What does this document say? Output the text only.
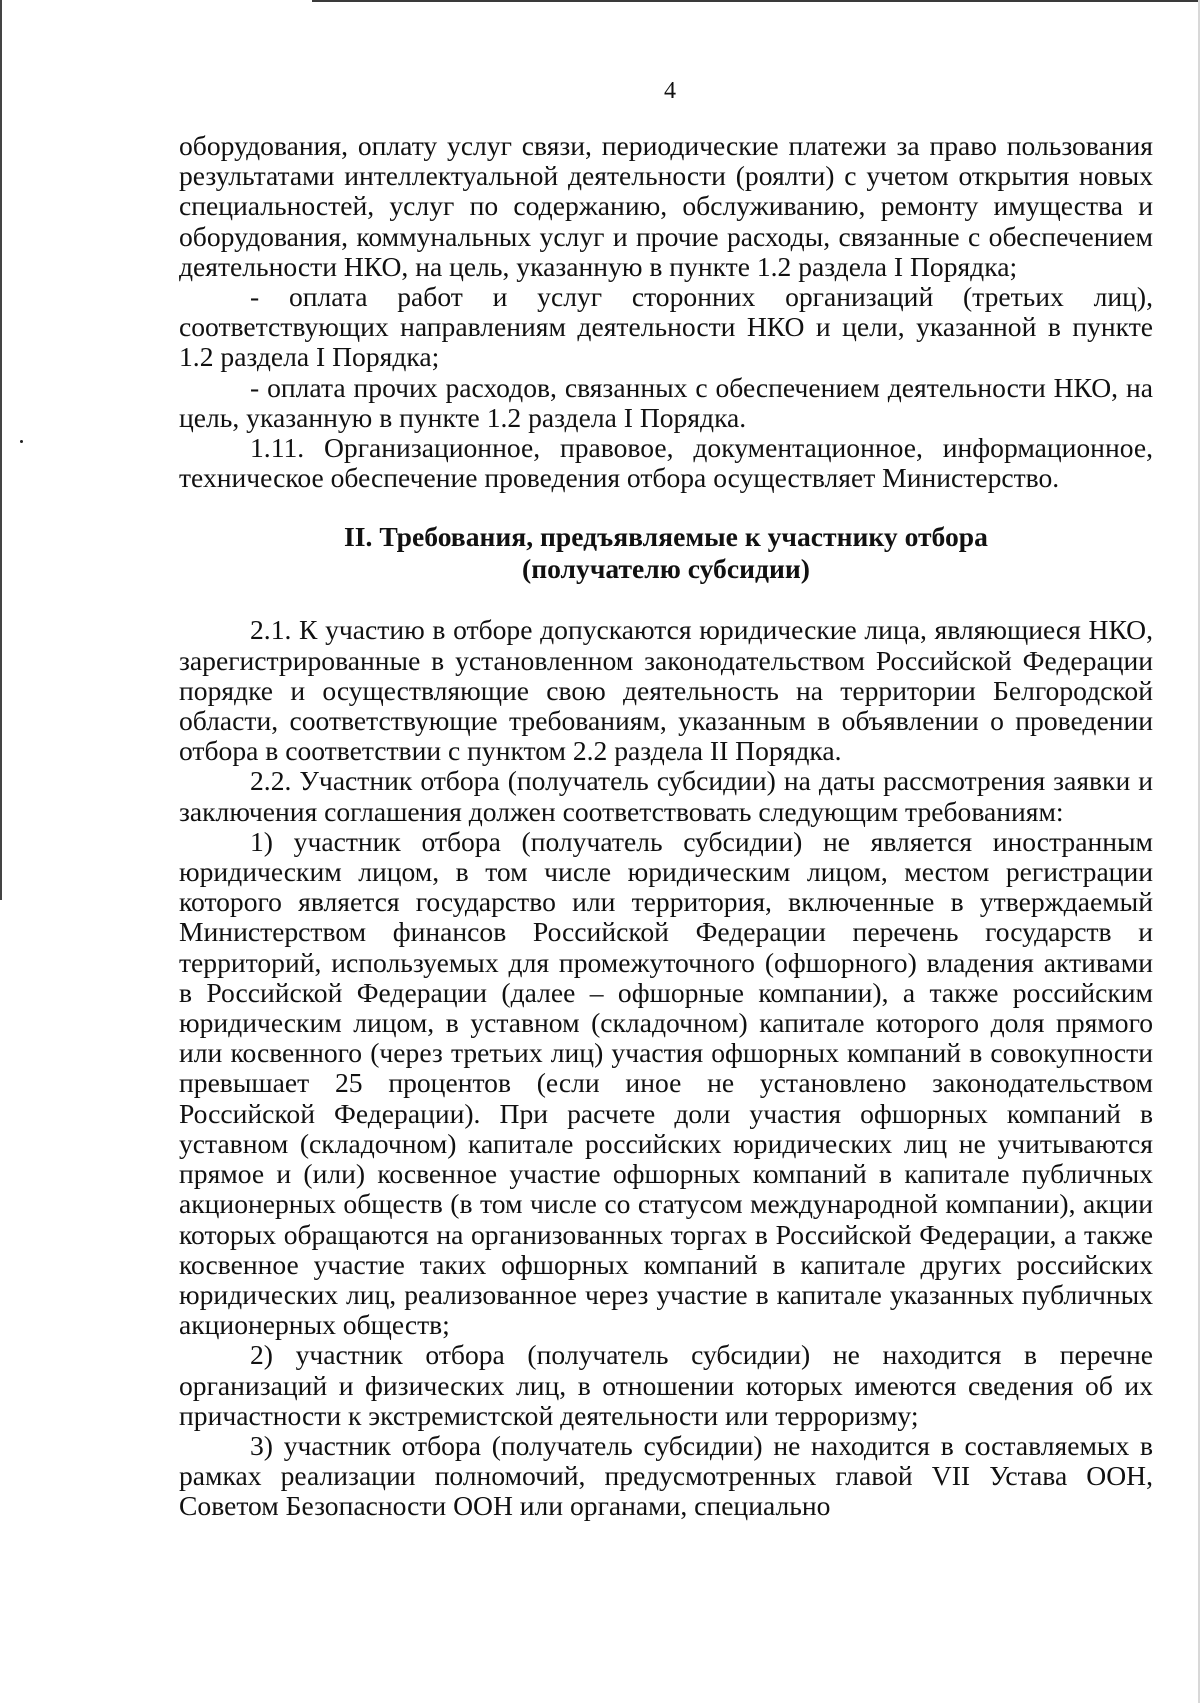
4

оборудования, оплату услуг связи, периодические платежи за право пользования результатами интеллектуальной деятельности (роялти) с учетом открытия новых специальностей, услуг по содержанию, обслуживанию, ремонту имущества и оборудования, коммунальных услуг и прочие расходы, связанные с обеспечением деятельности НКО, на цель, указанную в пункте 1.2 раздела I Порядка;

- оплата работ и услуг сторонних организаций (третьих лиц), соответствующих направлениям деятельности НКО и цели, указанной в пункте 1.2 раздела I Порядка;

- оплата прочих расходов, связанных с обеспечением деятельности НКО, на цель, указанную в пункте 1.2 раздела I Порядка.

1.11. Организационное, правовое, документационное, информационное, техническое обеспечение проведения отбора осуществляет Министерство.

II. Требования, предъявляемые к участнику отбора
(получателю субсидии)

2.1. К участию в отборе допускаются юридические лица, являющиеся НКО, зарегистрированные в установленном законодательством Российской Федерации порядке и осуществляющие свою деятельность на территории Белгородской области, соответствующие требованиям, указанным в объявлении о проведении отбора в соответствии с пунктом 2.2 раздела II Порядка.

2.2. Участник отбора (получатель субсидии) на даты рассмотрения заявки и заключения соглашения должен соответствовать следующим требованиям:

1) участник отбора (получатель субсидии) не является иностранным юридическим лицом, в том числе юридическим лицом, местом регистрации которого является государство или территория, включенные в утверждаемый Министерством финансов Российской Федерации перечень государств и территорий, используемых для промежуточного (офшорного) владения активами в Российской Федерации (далее – офшорные компании), а также российским юридическим лицом, в уставном (складочном) капитале которого доля прямого или косвенного (через третьих лиц) участия офшорных компаний в совокупности превышает 25 процентов (если иное не установлено законодательством Российской Федерации). При расчете доли участия офшорных компаний в уставном (складочном) капитале российских юридических лиц не учитываются прямое и (или) косвенное участие офшорных компаний в капитале публичных акционерных обществ (в том числе со статусом международной компании), акции которых обращаются на организованных торгах в Российской Федерации, а также косвенное участие таких офшорных компаний в капитале других российских юридических лиц, реализованное через участие в капитале указанных публичных акционерных обществ;

2) участник отбора (получатель субсидии) не находится в перечне организаций и физических лиц, в отношении которых имеются сведения об их причастности к экстремистской деятельности или терроризму;

3) участник отбора (получатель субсидии) не находится в составляемых в рамках реализации полномочий, предусмотренных главой VII Устава ООН, Советом Безопасности ООН или органами, специально
